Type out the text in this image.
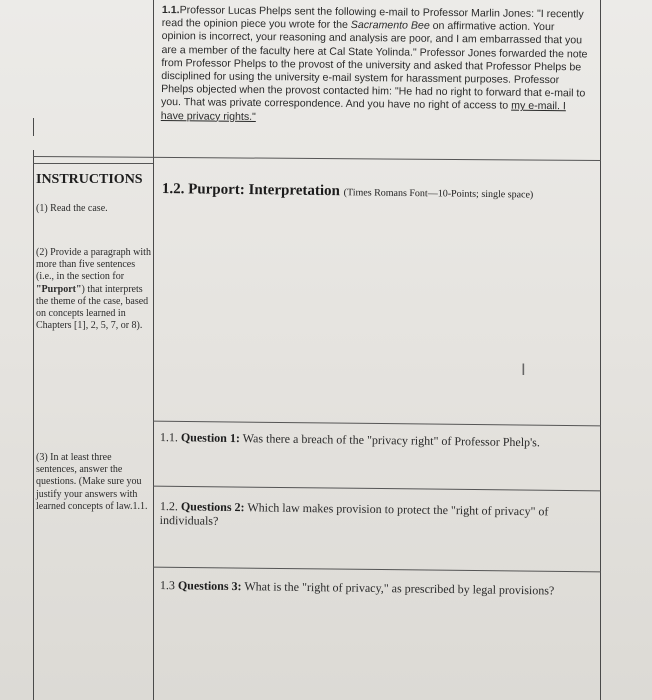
1.1.Professor Lucas Phelps sent the following e-mail to Professor Marlin Jones: "I recently read the opinion piece you wrote for the Sacramento Bee on affirmative action. Your opinion is incorrect, your reasoning and analysis are poor, and I am embarrassed that you are a member of the faculty here at Cal State Yolinda." Professor Jones forwarded the note from Professor Phelps to the provost of the university and asked that Professor Phelps be disciplined for using the university e-mail system for harassment purposes. Professor Phelps objected when the provost contacted him: "He had no right to forward that e-mail to you. That was private correspondence. And you have no right of access to my e-mail. I have privacy rights."
INSTRUCTIONS
(1) Read the case.
(2) Provide a paragraph with more than five sentences (i.e., in the section for "Purport") that interprets the theme of the case, based on concepts learned in Chapters [1], 2, 5, 7, or 8).
(3) In at least three sentences, answer the questions. (Make sure you justify your answers with learned concepts of law.1.1.
1.2. Purport: Interpretation (Times Romans Font—10-Points; single space)
I
1.1. Question 1: Was there a breach of the "privacy right" of Professor Phelp's.
1.2. Questions 2: Which law makes provision to protect the "right of privacy" of individuals?
1.3 Questions 3: What is the "right of privacy," as prescribed by legal provisions?
